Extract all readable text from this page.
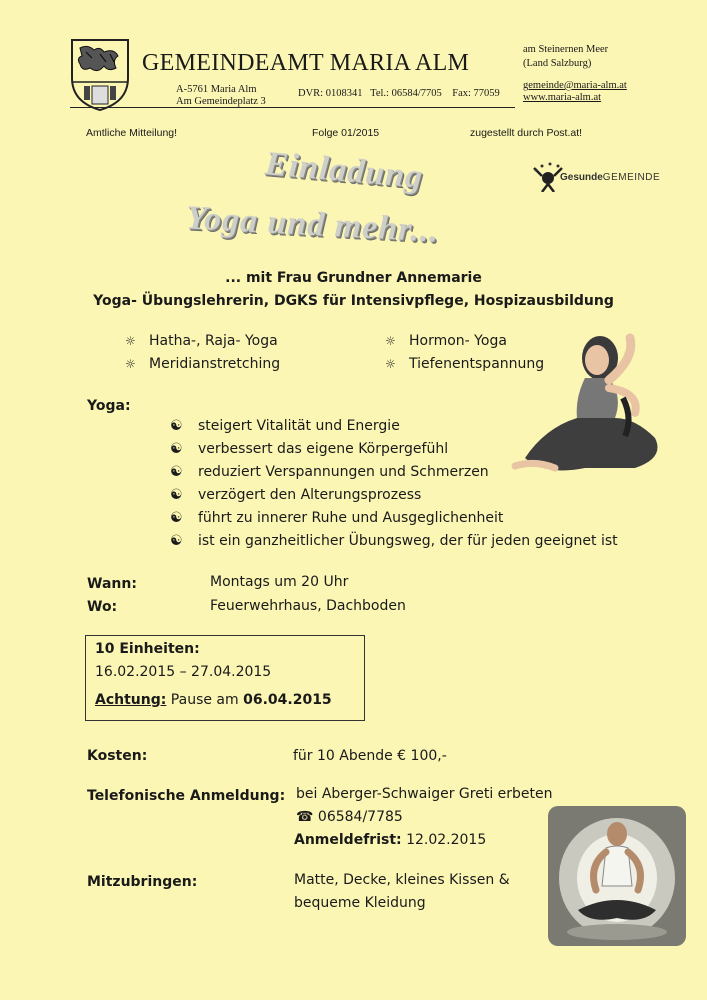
GEMEINDEAMT MARIA ALM
A-5761 Maria Alm
Am Gemeindeplatz 3
DVR: 0108341 Tel.: 06584/7705 Fax: 77059
am Steinernen Meer
(Land Salzburg)
gemeinde@maria-alm.at
www.maria-alm.at
Amtliche Mitteilung!	Folge 01/2015	zugestellt durch Post.at!
GesundeGEMEINDE
Einladung
Yoga und mehr...
... mit Frau Grundner Annemarie
Yoga- Übungslehrerin, DGKS für Intensivpflege, Hospizausbildung
☼ Hatha-, Raja- Yoga
☼ Meridianstretching
☼ Hormon- Yoga
☼ Tiefenentspannung
Yoga:
☯ steigert Vitalität und Energie
☯ verbessert das eigene Körpergefühl
☯ reduziert Verspannungen und Schmerzen
☯ verzögert den Alterungsprozess
☯ führt zu innerer Ruhe und Ausgeglichenheit
☯ ist ein ganzheitlicher Übungsweg, der für jeden geeignet ist
Wann:	Montags um 20 Uhr
Wo:	Feuerwehrhaus, Dachboden
10 Einheiten:
16.02.2015 – 27.04.2015
Achtung: Pause am 06.04.2015
Kosten:	für 10 Abende € 100,-
Telefonische Anmeldung: bei Aberger-Schwaiger Greti erbeten
☎ 06584/7785
Anmeldefrist: 12.02.2015
Mitzubringen:	Matte, Decke, kleines Kissen &
bequeme Kleidung
